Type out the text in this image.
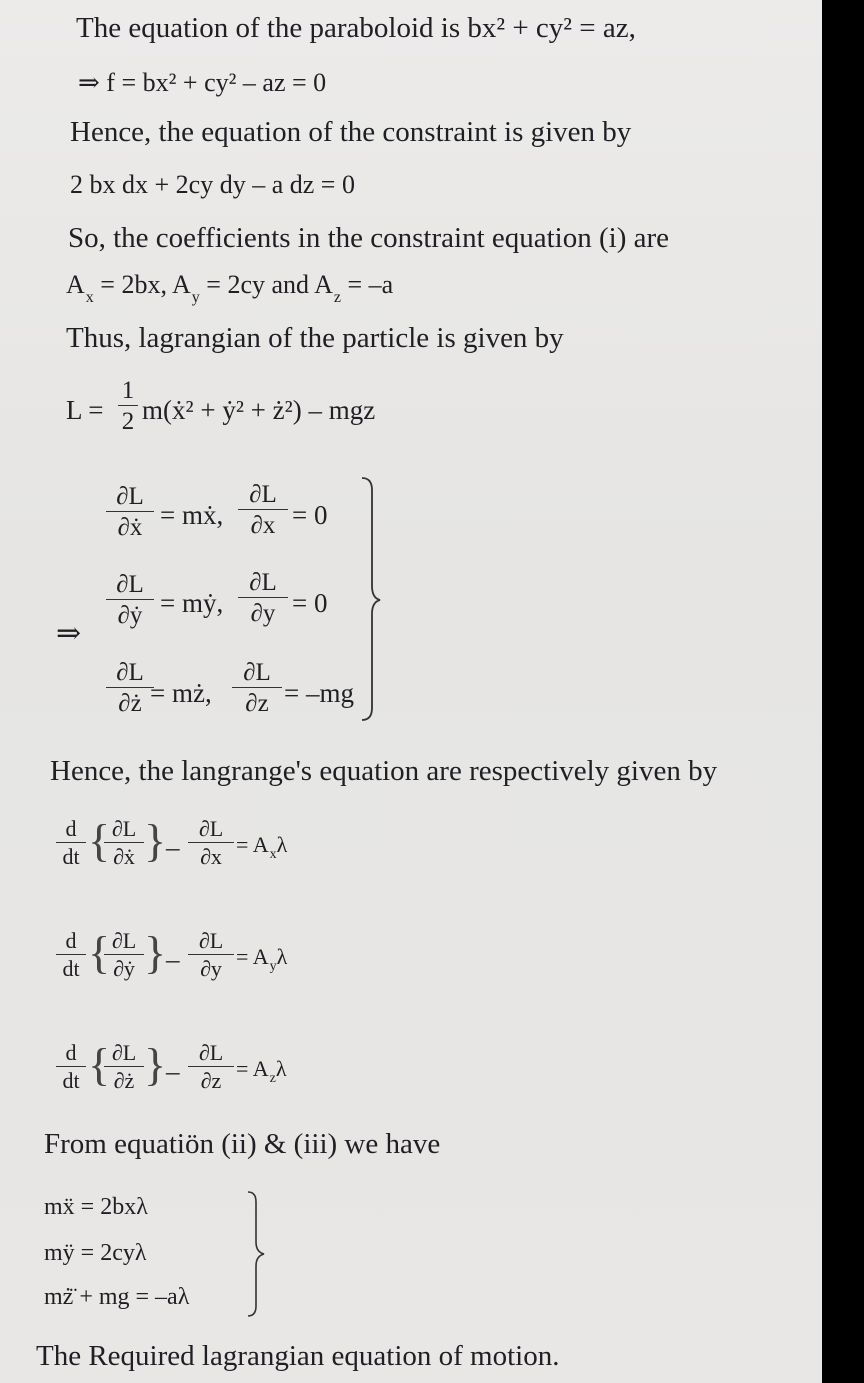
The equation of the paraboloid is bx² + cy² = az,
⇒ f = bx² + cy² – az = 0
Hence, the equation of the constraint is given by
2 bx dx + 2cy dy – a dz = 0
So, the coefficients in the constraint equation (i) are
$A_x = 2bx$, $A_y = 2cy$ and $A_z = -a$
Thus, lagrangian of the particle is given by
$L = \frac{1}{2}$ m(ẋ² + ẏ² + ż²) – mgz
⇒
$\frac{\partial L}{\text{∂ẋ}}$ = mẋ, $\frac{\partial L}{\partial x} = 0$
$\frac{\partial L}{\text{∂ẏ}}$ = mẏ, $\frac{\partial L}{\partial y} = 0$
$\frac{\partial L}{\partial ż}$
= mż, $\frac{\partial L}{\partial z} = -mg$
Hence, the langrange's equation are respectively given by
$\frac{d}{dt}$ {
$\frac{\partial L}{\text{∂ẋ}}$ } – $\frac{\partial L}{\partial x} = A_x\lambda$
$\frac{d}{dt}$ {
$\frac{\partial L}{\text{∂ẏ}}$ } – $\frac{\partial L}{\partial y} = A_y\lambda$
$\frac{d}{dt}$ {
$\frac{\partial L}{\partial ż}$ } – $\frac{\partial L}{\partial z} = A_z\lambda$
From equatiön (ii) & (iii) we have
mẍ = 2bxλ
mÿ = 2cyλ
mż̈ + mg = –aλ
The Required lagrangian equation of motion.
